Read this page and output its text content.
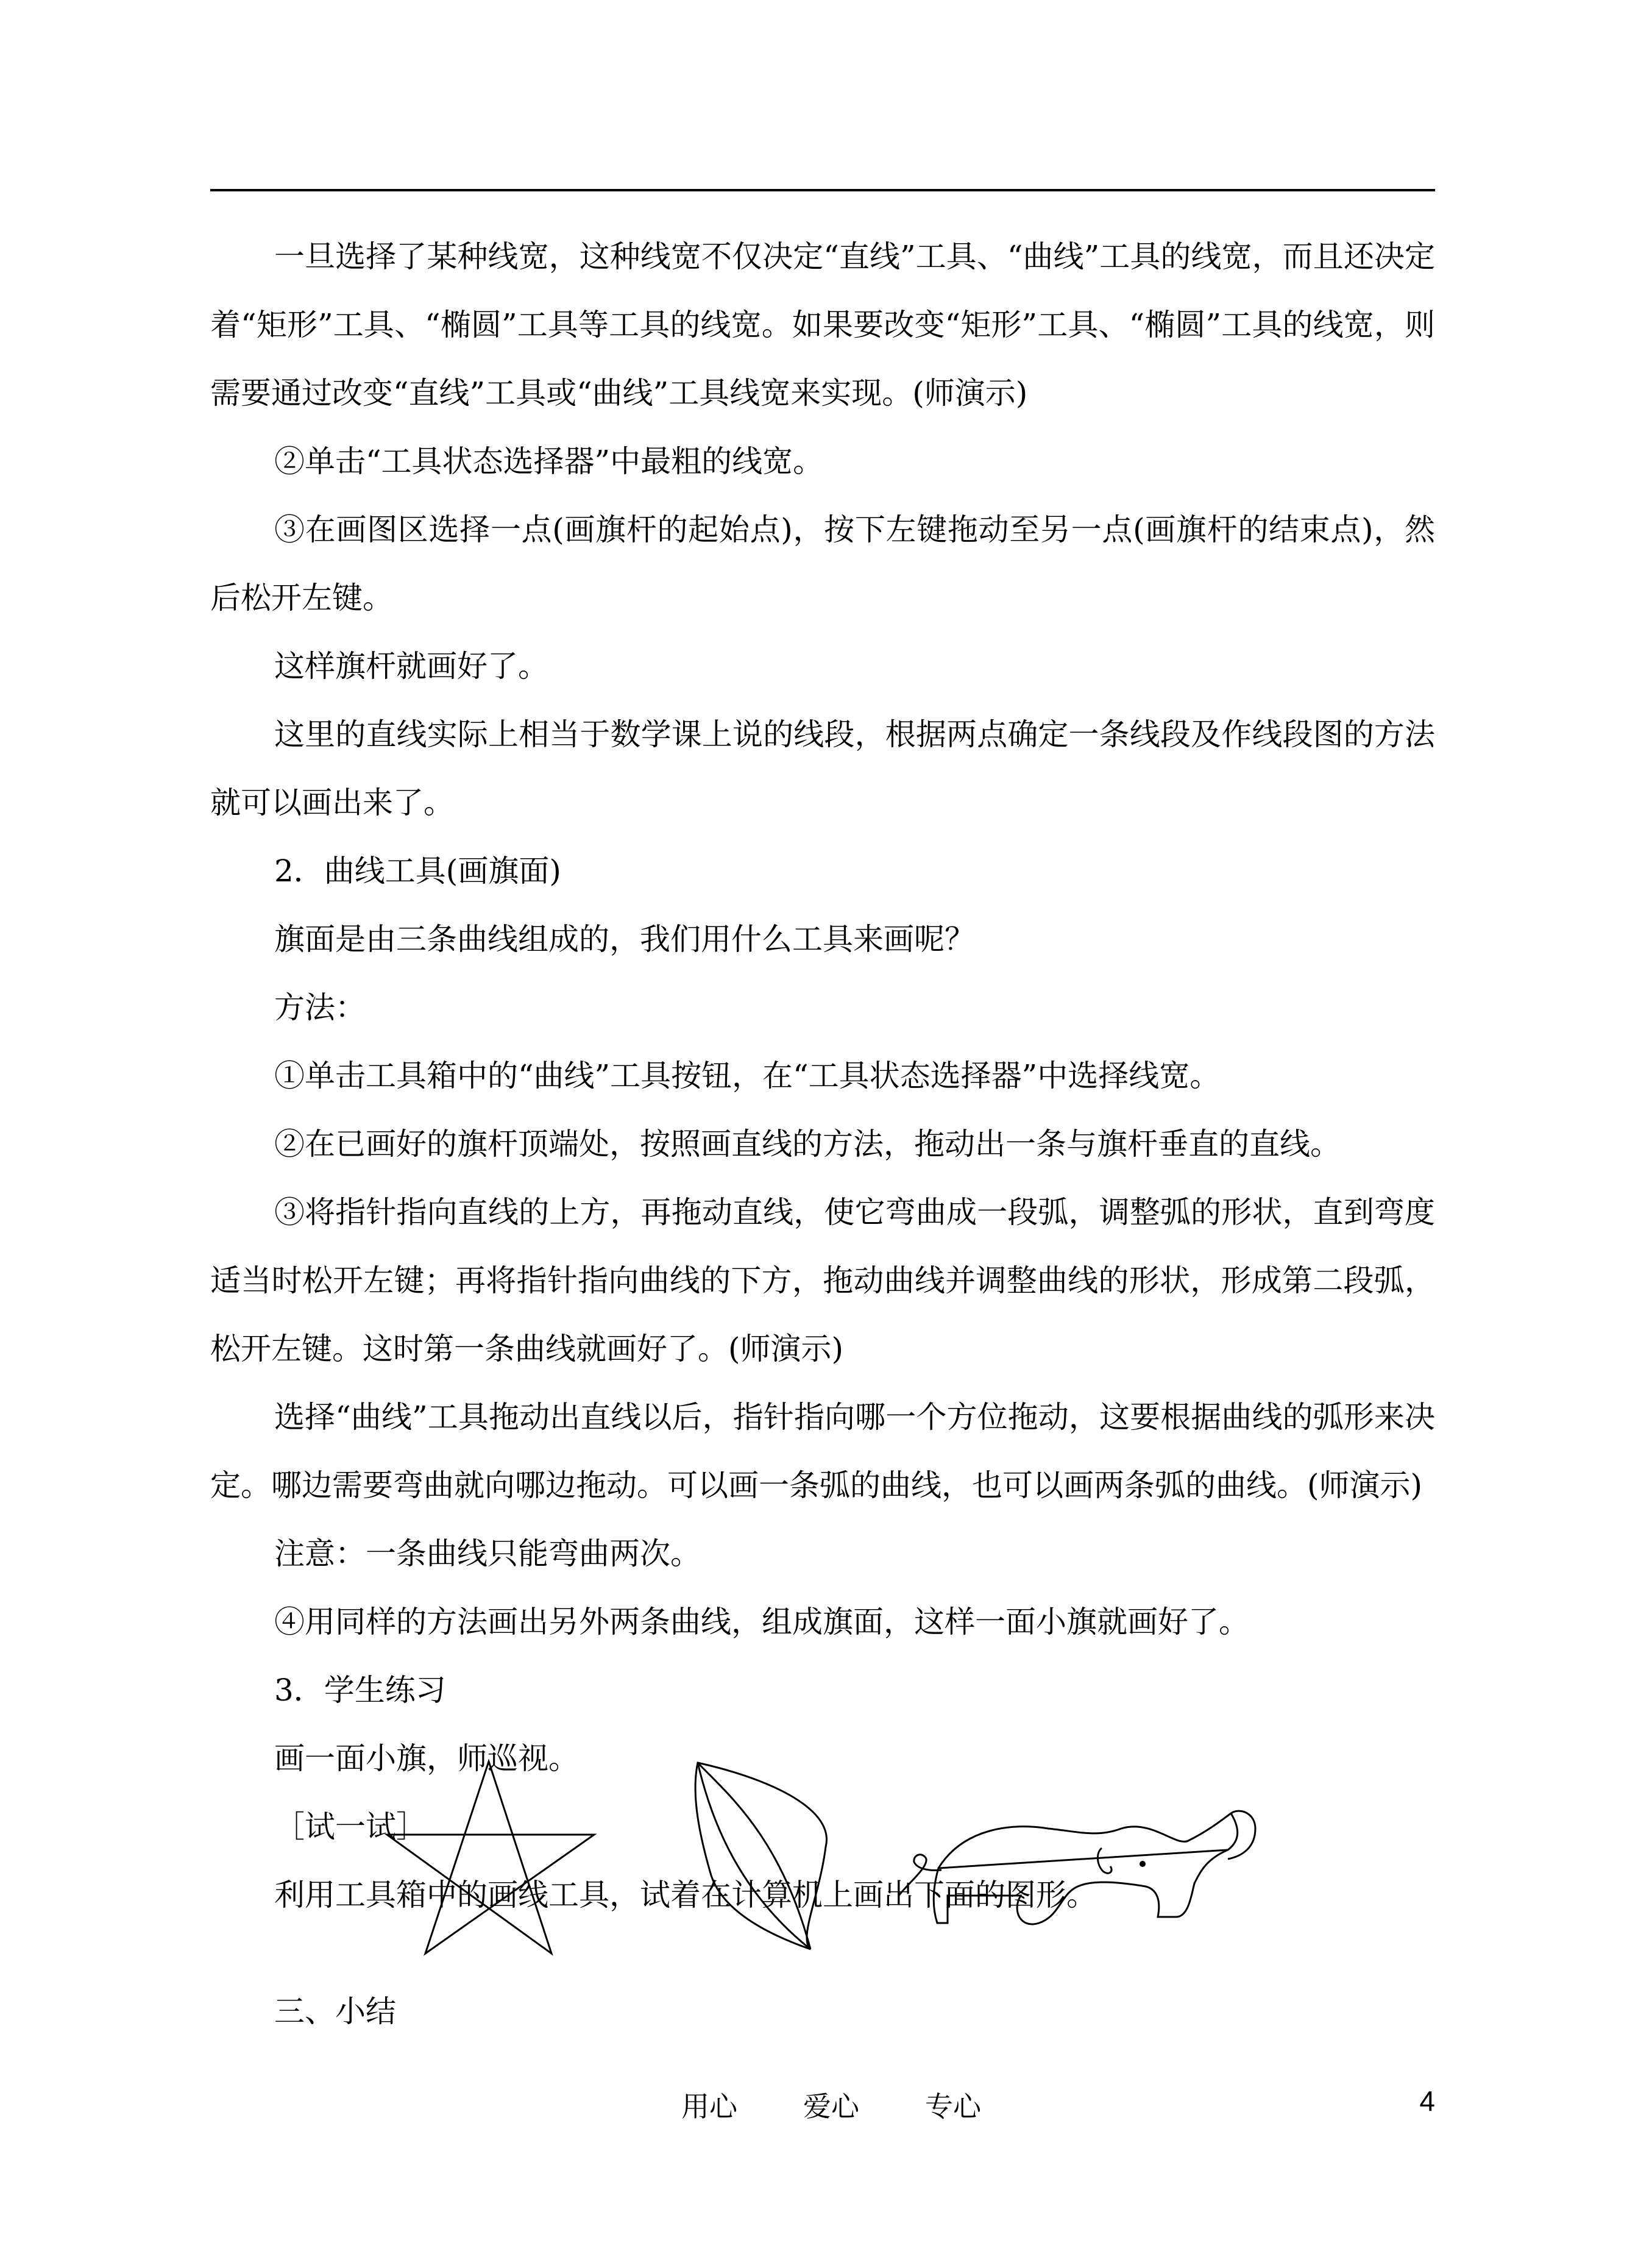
一旦选择了某种线宽，这种线宽不仅决定“直线”工具、“曲线”工具的线宽，而且还决定着“矩形”工具、“椭圆”工具等工具的线宽。如果要改变“矩形”工具、“椭圆”工具的线宽，则需要通过改变“直线”工具或“曲线”工具线宽来实现。(师演示)

②单击“工具状态选择器”中最粗的线宽。

③在画图区选择一点(画旗杆的起始点)，按下左键拖动至另一点(画旗杆的结束点)，然后松开左键。

这样旗杆就画好了。

这里的直线实际上相当于数学课上说的线段，根据两点确定一条线段及作线段图的方法就可以画出来了。

2．曲线工具(画旗面)

旗面是由三条曲线组成的，我们用什么工具来画呢？

方法：

①单击工具箱中的“曲线”工具按钮，在“工具状态选择器”中选择线宽。

②在已画好的旗杆顶端处，按照画直线的方法，拖动出一条与旗杆垂直的直线。

③将指针指向直线的上方，再拖动直线，使它弯曲成一段弧，调整弧的形状，直到弯度适当时松开左键；再将指针指向曲线的下方，拖动曲线并调整曲线的形状，形成第二段弧，松开左键。这时第一条曲线就画好了。(师演示)

选择“曲线”工具拖动出直线以后，指针指向哪一个方位拖动，这要根据曲线的弧形来决定。哪边需要弯曲就向哪边拖动。可以画一条弧的曲线，也可以画两条弧的曲线。(师演示)

注意：一条曲线只能弯曲两次。

④用同样的方法画出另外两条曲线，组成旗面，这样一面小旗就画好了。

3．学生练习

画一面小旗，师巡视。

［试一试］

利用工具箱中的画线工具，试着在计算机上画出下面的图形。

三、小结
用心 爱心 专心	4
